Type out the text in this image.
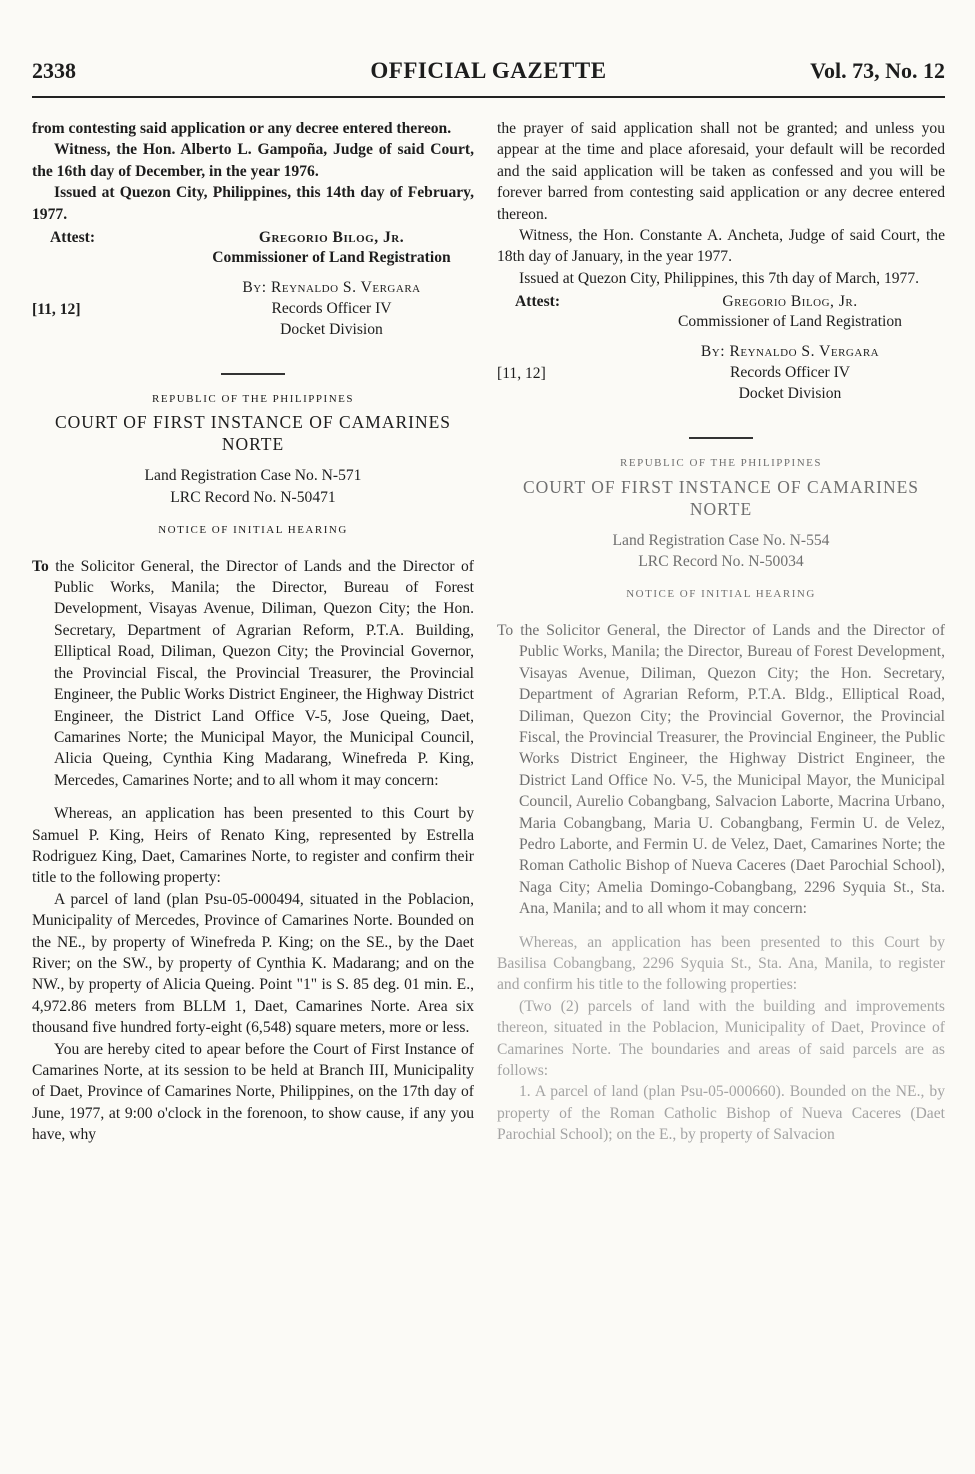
2338	OFFICIAL GAZETTE	Vol. 73, No. 12

from contesting said application or any decree entered thereon.

Witness, the Hon. Alberto L. Gampoña, Judge of said Court, the 16th day of December, in the year 1976.

Issued at Quezon City, Philippines, this 14th day of February, 1977.

Attest:	Gregorio Bilog, Jr.
Commissioner of Land Registration
By: Reynaldo S. Vergara
[11, 12]	Records Officer IV
Docket Division
REPUBLIC OF THE PHILIPPINES
COURT OF FIRST INSTANCE OF CAMARINES NORTE
Land Registration Case No. N-571
LRC Record No. N-50471
NOTICE OF INITIAL HEARING

To the Solicitor General, the Director of Lands and the Director of Public Works, Manila; the Director, Bureau of Forest Development, Visayas Avenue, Diliman, Quezon City; the Hon. Secretary, Department of Agrarian Reform, P.T.A. Building, Elliptical Road, Diliman, Quezon City; the Provincial Governor, the Provincial Fiscal, the Provincial Treasurer, the Provincial Engineer, the Public Works District Engineer, the Highway District Engineer, the District Land Office V-5, Jose Queing, Daet, Camarines Norte; the Municipal Mayor, the Municipal Council, Alicia Queing, Cynthia King Madarang, Winefreda P. King, Mercedes, Camarines Norte; and to all whom it may concern:

Whereas, an application has been presented to this Court by Samuel P. King, Heirs of Renato King, represented by Estrella Rodriguez King, Daet, Camarines Norte, to register and confirm their title to the following property:

A parcel of land (plan Psu-05-000494, situated in the Poblacion, Municipality of Mercedes, Province of Camarines Norte. Bounded on the NE., by property of Winefreda P. King; on the SE., by the Daet River; on the SW., by property of Cynthia K. Madarang; and on the NW., by property of Alicia Queing. Point "1" is S. 85 deg. 01 min. E., 4,972.86 meters from BLLM 1, Daet, Camarines Norte. Area six thousand five hundred forty-eight (6,548) square meters, more or less.

You are hereby cited to apear before the Court of First Instance of Camarines Norte, at its session to be held at Branch III, Municipality of Daet, Province of Camarines Norte, Philippines, on the 17th day of June, 1977, at 9:00 o'clock in the forenoon, to show cause, if any you have, why

the prayer of said application shall not be granted; and unless you appear at the time and place aforesaid, your default will be recorded and the said application will be taken as confessed and you will be forever barred from contesting said application or any decree entered thereon.

Witness, the Hon. Constante A. Ancheta, Judge of said Court, the 18th day of January, in the year 1977.

Issued at Quezon City, Philippines, this 7th day of March, 1977.

Attest:	Gregorio Bilog, Jr.
Commissioner of Land Registration
By: Reynaldo S. Vergara
[11, 12]	Records Officer IV
Docket Division
REPUBLIC OF THE PHILIPPINES
COURT OF FIRST INSTANCE OF CAMARINES NORTE
Land Registration Case No. N-554
LRC Record No. N-50034
NOTICE OF INITIAL HEARING

To the Solicitor General, the Director of Lands and the Director of Public Works, Manila; the Director, Bureau of Forest Development, Visayas Avenue, Diliman, Quezon City; the Hon. Secretary, Department of Agrarian Reform, P.T.A. Bldg., Elliptical Road, Diliman, Quezon City; the Provincial Governor, the Provincial Fiscal, the Provincial Treasurer, the Provincial Engineer, the Public Works District Engineer, the Highway District Engineer, the District Land Office No. V-5, the Municipal Mayor, the Municipal Council, Aurelio Cobangbang, Salvacion Laborte, Macrina Urbano, Maria Cobangbang, Maria U. Cobangbang, Fermin U. de Velez, Pedro Laborte, and Fermin U. de Velez, Daet, Camarines Norte; the Roman Catholic Bishop of Nueva Caceres (Daet Parochial School), Naga City; Amelia Domingo-Cobangbang, 2296 Syquia St., Sta. Ana, Manila; and to all whom it may concern:

Whereas, an application has been presented to this Court by Basilisa Cobangbang, 2296 Syquia St., Sta. Ana, Manila, to register and confirm his title to the following properties:

(Two (2) parcels of land with the building and improvements thereon, situated in the Poblacion, Municipality of Daet, Province of Camarines Norte. The boundaries and areas of said parcels are as follows:

1. A parcel of land (plan Psu-05-000660). Bounded on the NE., by property of the Roman Catholic Bishop of Nueva Caceres (Daet Parochial School); on the E., by property of Salvacion
